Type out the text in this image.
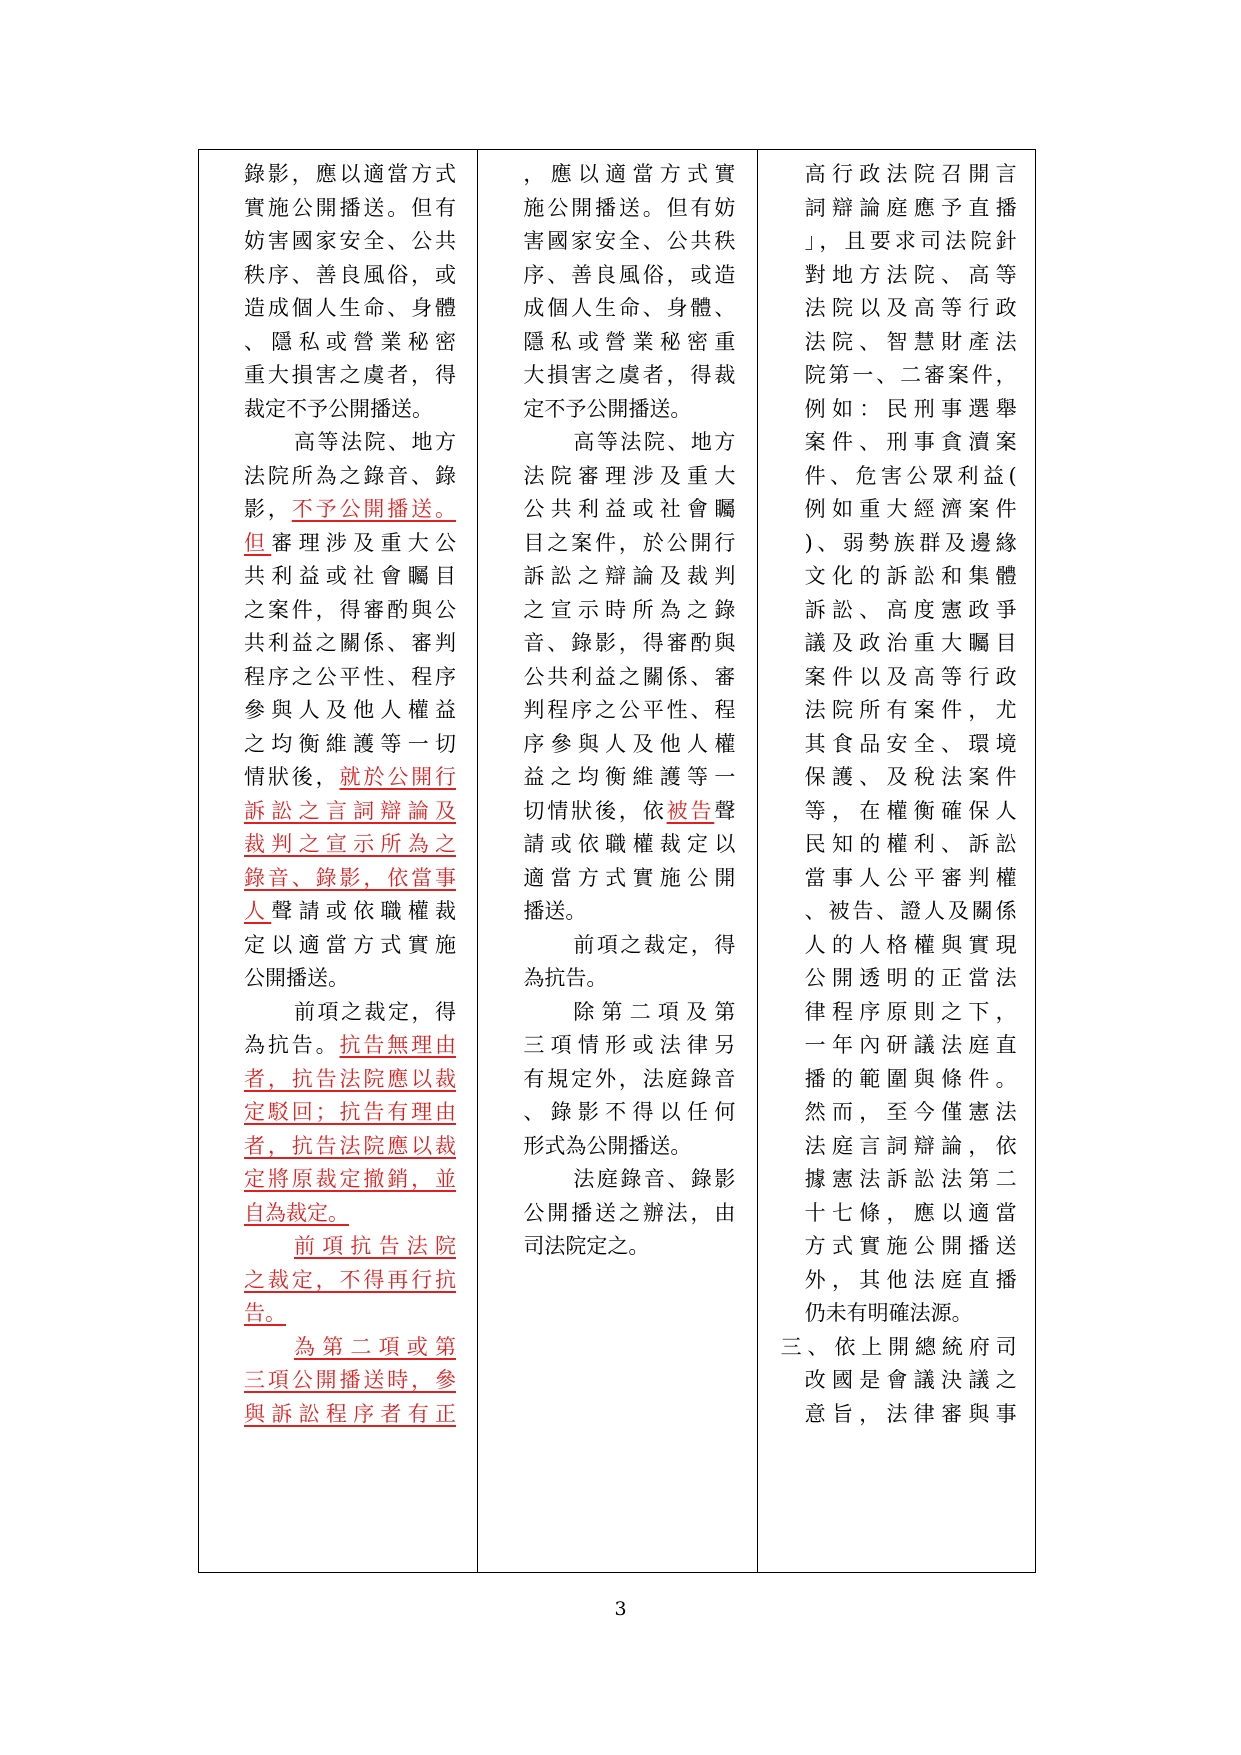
錄影，應以適當方式
實施公開播送。但有
妨害國家安全、公共
秩序、善良風俗，或
造成個人生命、身體
、隱私或營業秘密
重大損害之虞者，得
裁定不予公開播送。
高等法院、地方
法院所為之錄音、錄
影，不予公開播送。
但審理涉及重大公
共利益或社會矚目
之案件，得審酌與公
共利益之關係、審判
程序之公平性、程序
參與人及他人權益
之均衡維護等一切
情狀後，就於公開行
訴訟之言詞辯論及
裁判之宣示所為之
錄音、錄影，依當事
人聲請或依職權裁
定以適當方式實施
公開播送。
前項之裁定，得
為抗告。抗告無理由
者，抗告法院應以裁
定駁回；抗告有理由
者，抗告法院應以裁
定將原裁定撤銷，並
自為裁定。
前項抗告法院
之裁定，不得再行抗
告。
為第二項或第
三項公開播送時，參
與訴訟程序者有正
，應以適當方式實
施公開播送。但有妨
害國家安全、公共秩
序、善良風俗，或造
成個人生命、身體、
隱私或營業秘密重
大損害之虞者，得裁
定不予公開播送。
高等法院、地方
法院審理涉及重大
公共利益或社會矚
目之案件，於公開行
訴訟之辯論及裁判
之宣示時所為之錄
音、錄影，得審酌與
公共利益之關係、審
判程序之公平性、程
序參與人及他人權
益之均衡維護等一
切情狀後，依被告聲
請或依職權裁定以
適當方式實施公開
播送。
前項之裁定，得
為抗告。
除第二項及第
三項情形或法律另
有規定外，法庭錄音
、錄影不得以任何
形式為公開播送。
法庭錄音、錄影
公開播送之辦法，由
司法院定之。
高行政法院召開言
詞辯論庭應予直播
」，且要求司法院針
對地方法院、高等
法院以及高等行政
法院、智慧財產法
院第一、二審案件，
例如：民刑事選舉
案件、刑事貪瀆案
件、危害公眾利益(
例如重大經濟案件
)、弱勢族群及邊緣
文化的訴訟和集體
訴訟、高度憲政爭
議及政治重大矚目
案件以及高等行政
法院所有案件，尤
其食品安全、環境
保護、及稅法案件
等，在權衡確保人
民知的權利、訴訟
當事人公平審判權
、被告、證人及關係
人的人格權與實現
公開透明的正當法
律程序原則之下，
一年內研議法庭直
播的範圍與條件。
然而，至今僅憲法
法庭言詞辯論，依
據憲法訴訟法第二
十七條，應以適當
方式實施公開播送
外，其他法庭直播
仍未有明確法源。
三、依上開總統府司
改國是會議決議之
意旨，法律審與事
3
